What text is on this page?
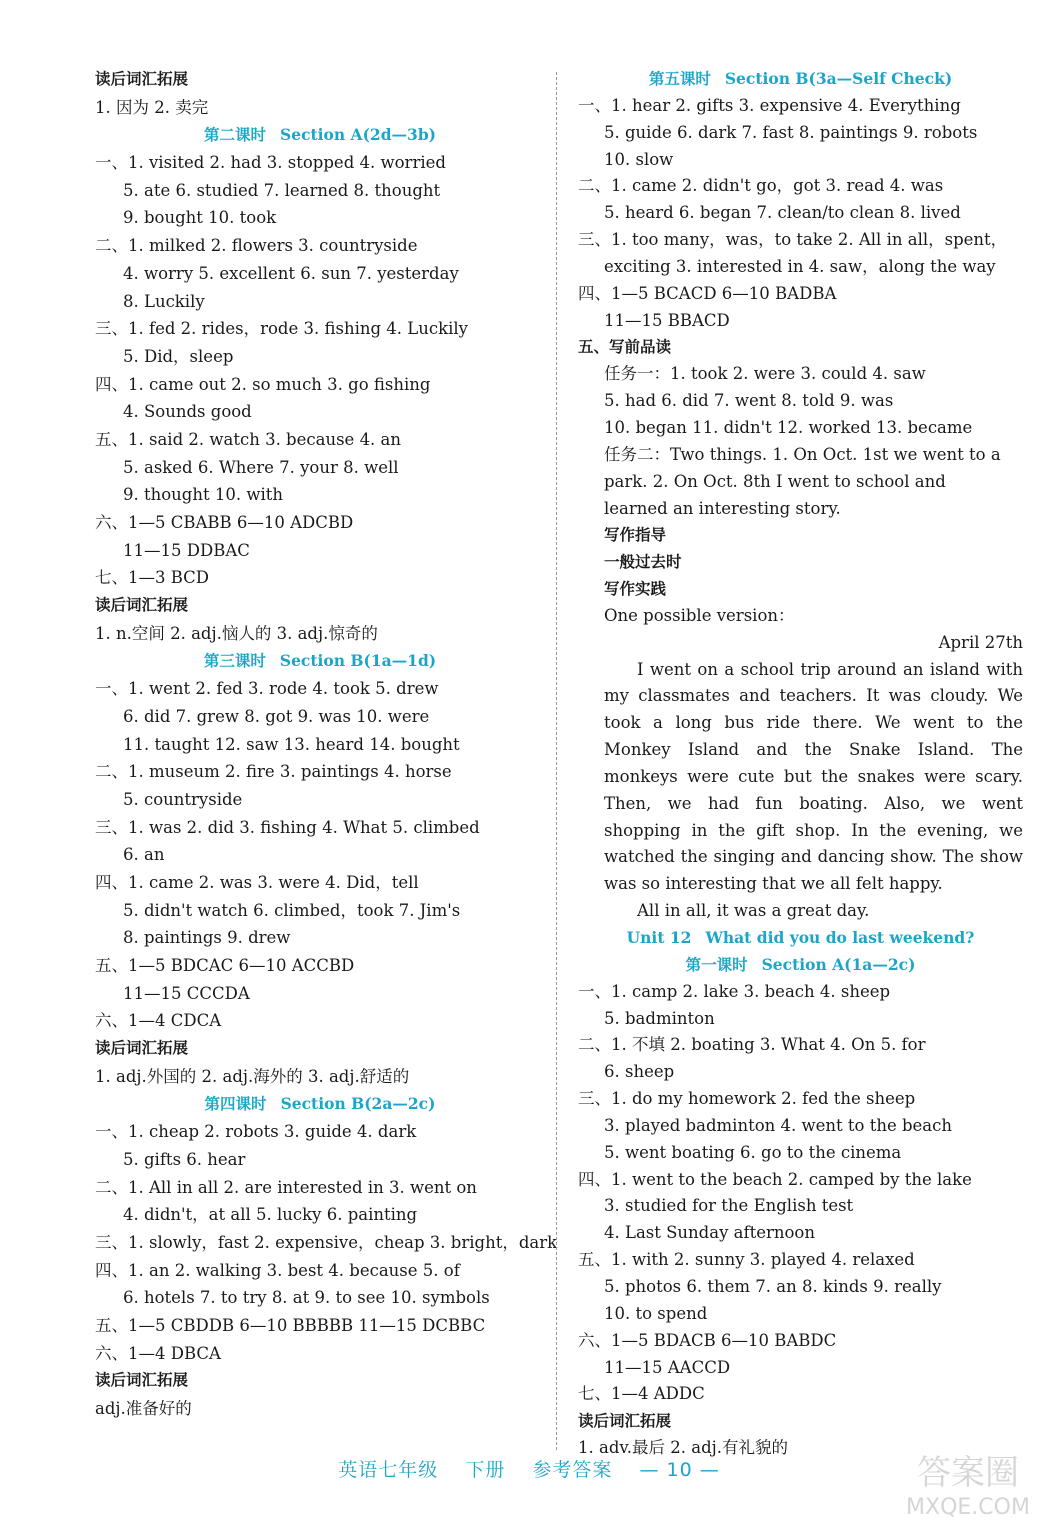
读后词汇拓展
1. 因为 2. 卖完
第二课时 Section A(2d—3b)
一、1. visited 2. had 3. stopped 4. worried
5. ate 6. studied 7. learned 8. thought
9. bought 10. took
二、1. milked 2. flowers 3. countryside
4. worry 5. excellent 6. sun 7. yesterday
8. Luckily
三、1. fed 2. rides，rode 3. fishing 4. Luckily
5. Did，sleep
四、1. came out 2. so much 3. go fishing
4. Sounds good
五、1. said 2. watch 3. because 4. an
5. asked 6. Where 7. your 8. well
9. thought 10. with
六、1—5 CBABB 6—10 ADCBD
11—15 DDBAC
七、1—3 BCD
读后词汇拓展
1. n.空间 2. adj.恼人的 3. adj.惊奇的
第三课时 Section B(1a—1d)
一、1. went 2. fed 3. rode 4. took 5. drew
6. did 7. grew 8. got 9. was 10. were
11. taught 12. saw 13. heard 14. bought
二、1. museum 2. fire 3. paintings 4. horse
5. countryside
三、1. was 2. did 3. fishing 4. What 5. climbed
6. an
四、1. came 2. was 3. were 4. Did，tell
5. didn't watch 6. climbed，took 7. Jim's
8. paintings 9. drew
五、1—5 BDCAC 6—10 ACCBD
11—15 CCCDA
六、1—4 CDCA
读后词汇拓展
1. adj.外国的 2. adj.海外的 3. adj.舒适的
第四课时 Section B(2a—2c)
一、1. cheap 2. robots 3. guide 4. dark
5. gifts 6. hear
二、1. All in all 2. are interested in 3. went on
4. didn't，at all 5. lucky 6. painting
三、1. slowly，fast 2. expensive，cheap 3. bright，dark
四、1. an 2. walking 3. best 4. because 5. of
6. hotels 7. to try 8. at 9. to see 10. symbols
五、1—5 CBDDB 6—10 BBBBB 11—15 DCBBC
六、1—4 DBCA
读后词汇拓展
adj.准备好的
第五课时 Section B(3a—Self Check)
一、1. hear 2. gifts 3. expensive 4. Everything
5. guide 6. dark 7. fast 8. paintings 9. robots
10. slow
二、1. came 2. didn't go，got 3. read 4. was
5. heard 6. began 7. clean/to clean 8. lived
三、1. too many，was，to take 2. All in all，spent，
exciting 3. interested in 4. saw，along the way
四、1—5 BCACD 6—10 BADBA
11—15 BBACD
五、写前品读
任务一：1. took 2. were 3. could 4. saw
5. had 6. did 7. went 8. told 9. was
10. began 11. didn't 12. worked 13. became
任务二：Two things. 1. On Oct. 1st we went to a
park. 2. On Oct. 8th I went to school and
learned an interesting story.
写作指导
一般过去时
写作实践
One possible version：
April 27th
I went on a school trip around an island with my classmates and teachers. It was cloudy. We took a long bus ride there. We went to the Monkey Island and the Snake Island. The monkeys were cute but the snakes were scary. Then, we had fun boating. Also, we went shopping in the gift shop. In the evening, we watched the singing and dancing show. The show was so interesting that we all felt happy.
All in all, it was a great day.
Unit 12 What did you do last weekend?
第一课时 Section A(1a—2c)
一、1. camp 2. lake 3. beach 4. sheep
5. badminton
二、1. 不填 2. boating 3. What 4. On 5. for
6. sheep
三、1. do my homework 2. fed the sheep
3. played badminton 4. went to the beach
5. went boating 6. go to the cinema
四、1. went to the beach 2. camped by the lake
3. studied for the English test
4. Last Sunday afternoon
五、1. with 2. sunny 3. played 4. relaxed
5. photos 6. them 7. an 8. kinds 9. really
10. to spend
六、1—5 BDACB 6—10 BABDC
11—15 AACCD
七、1—4 ADDC
读后词汇拓展
1. adv.最后 2. adj.有礼貌的
英语七年级 下册 参考答案 — 10 —	答案圈
MXQE.COM
